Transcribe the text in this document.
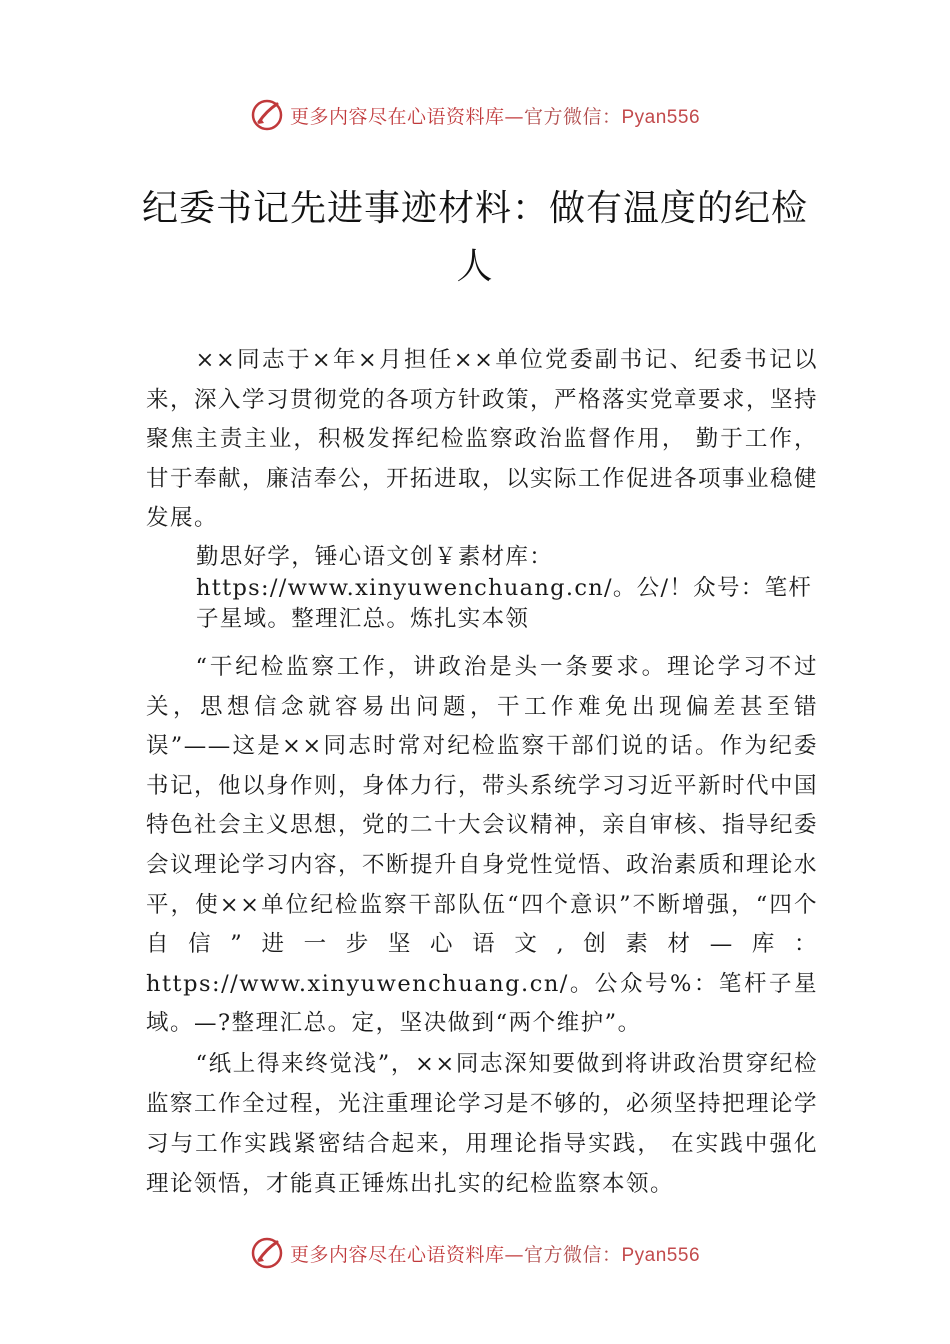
更多内容尽在心语资料库—官方微信：Pyan556
纪委书记先进事迹材料：做有温度的纪检人

××同志于×年×月担任××单位党委副书记、纪委书记以来，深入学习贯彻党的各项方针政策，严格落实党章要求，坚持聚焦主责主业，积极发挥纪检监察政治监督作用， 勤于工作，甘于奉献，廉洁奉公，开拓进取，以实际工作促进各项事业稳健发展。

勤思好学，锤心语文创￥素材库：https://www.xinyuwenchuang.cn/。公/！众号：笔杆子星域。整理汇总。炼扎实本领

“干纪检监察工作，讲政治是头一条要求。理论学习不过关，思想信念就容易出问题，干工作难免出现偏差甚至错误”——这是××同志时常对纪检监察干部们说的话。作为纪委书记，他以身作则，身体力行，带头系统学习习近平新时代中国特色社会主义思想，党的二十大会议精神，亲自审核、指导纪委会议理论学习内容，不断提升自身党性觉悟、政治素质和理论水平，使××单位纪检监察干部队伍“四个意识”不断增强，“四个自信”进一步坚心语文,创素材—库：https://www.xinyuwenchuang.cn/。公众号%：笔杆子星域。—?整理汇总。定，坚决做到“两个维护”。

“纸上得来终觉浅”，××同志深知要做到将讲政治贯穿纪检监察工作全过程，光注重理论学习是不够的，必须坚持把理论学习与工作实践紧密结合起来，用理论指导实践， 在实践中强化理论领悟，才能真正锤炼出扎实的纪检监察本领。

更多内容尽在心语资料库—官方微信：Pyan556
